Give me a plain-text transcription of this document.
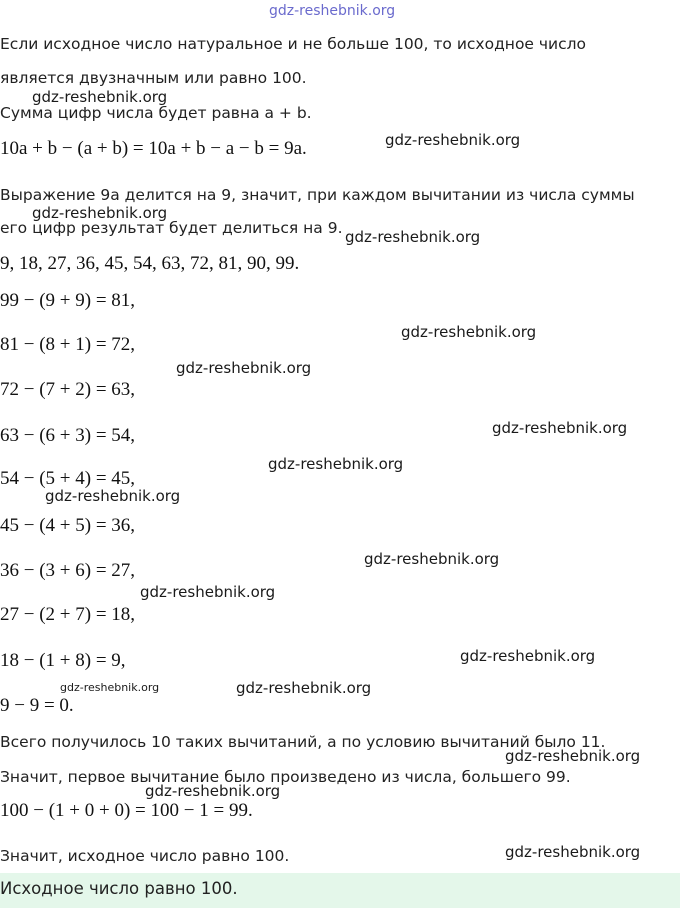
Если исходное число натуральное и не больше 100, то исходное число
является двузначным или равно 100.
Сумма цифр числа будет равна a + b.
10a + b − (a + b) = 10a + b − a − b = 9a.
Выражение 9a делится на 9, значит, при каждом вычитании из числа суммы
его цифр результат будет делиться на 9.
9, 18, 27, 36, 45, 54, 63, 72, 81, 90, 99.
99 − (9 + 9) = 81,
81 − (8 + 1) = 72,
72 − (7 + 2) = 63,
63 − (6 + 3) = 54,
54 − (5 + 4) = 45,
45 − (4 + 5) = 36,
36 − (3 + 6) = 27,
27 − (2 + 7) = 18,
18 − (1 + 8) = 9,
9 − 9 = 0.
Всего получилось 10 таких вычитаний, а по условию вычитаний было 11.
Значит, первое вычитание было произведено из числа, большего 99.
100 − (1 + 0 + 0) = 100 − 1 = 99.
Значит, исходное число равно 100.
Исходное число равно 100.
gdz-reshebnik.org
gdz-reshebnik.org
gdz-reshebnik.org
gdz-reshebnik.org
gdz-reshebnik.org
gdz-reshebnik.org
gdz-reshebnik.org
gdz-reshebnik.org
gdz-reshebnik.org
gdz-reshebnik.org
gdz-reshebnik.org
gdz-reshebnik.org
gdz-reshebnik.org
gdz-reshebnik.org	gdz-reshebnik.org
gdz-reshebnik.org
gdz-reshebnik.org
gdz-reshebnik.org
